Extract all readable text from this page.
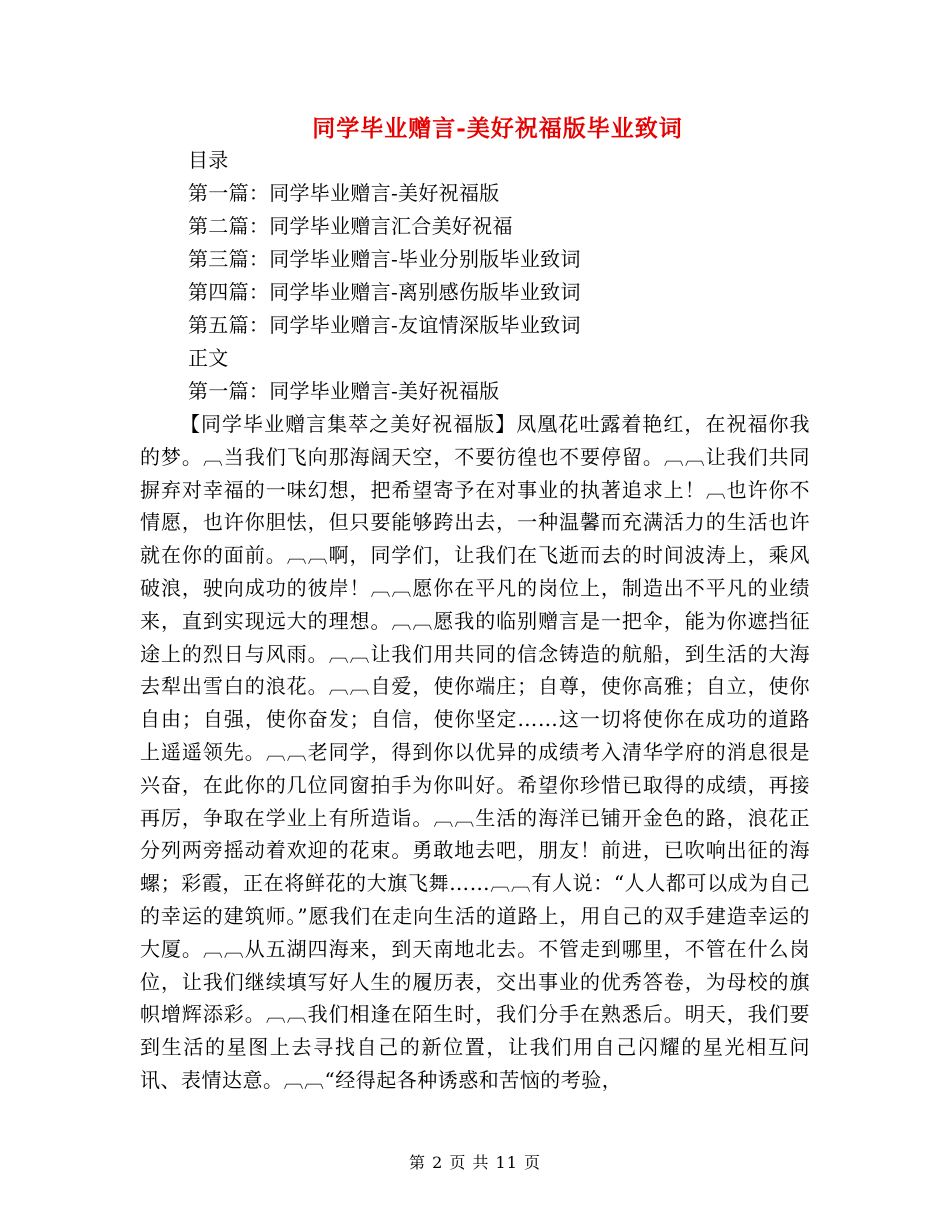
同学毕业赠言-美好祝福版毕业致词
目录
第一篇：同学毕业赠言-美好祝福版
第二篇：同学毕业赠言汇合美好祝福
第三篇：同学毕业赠言-毕业分别版毕业致词
第四篇：同学毕业赠言-离别感伤版毕业致词
第五篇：同学毕业赠言-友谊情深版毕业致词
正文
第一篇：同学毕业赠言-美好祝福版

【同学毕业赠言集萃之美好祝福版】凤凰花吐露着艳红，在祝福你我的梦。︹当我们飞向那海阔天空，不要彷徨也不要停留。︹︹让我们共同摒弃对幸福的一味幻想，把希望寄予在对事业的执著追求上！︹也许你不情愿，也许你胆怯，但只要能够跨出去，一种温馨而充满活力的生活也许就在你的面前。︹︹啊，同学们，让我们在飞逝而去的时间波涛上，乘风破浪，驶向成功的彼岸！︹︹愿你在平凡的岗位上，制造出不平凡的业绩来，直到实现远大的理想。︹︹愿我的临别赠言是一把伞，能为你遮挡征途上的烈日与风雨。︹︹让我们用共同的信念铸造的航船，到生活的大海去犁出雪白的浪花。︹︹自爱，使你端庄；自尊，使你高雅；自立，使你自由；自强，使你奋发；自信，使你坚定……这一切将使你在成功的道路上遥遥领先。︹︹老同学，得到你以优异的成绩考入清华学府的消息很是兴奋，在此你的几位同窗拍手为你叫好。希望你珍惜已取得的成绩，再接再厉，争取在学业上有所造诣。︹︹生活的海洋已铺开金色的路，浪花正分列两旁摇动着欢迎的花束。勇敢地去吧，朋友！前进，已吹响出征的海螺；彩霞，正在将鲜花的大旗飞舞……︹︹有人说：“人人都可以成为自己的幸运的建筑师。”愿我们在走向生活的道路上，用自己的双手建造幸运的大厦。︹︹从五湖四海来，到天南地北去。不管走到哪里，不管在什么岗位，让我们继续填写好人生的履历表，交出事业的优秀答卷，为母校的旗帜增辉添彩。︹︹我们相逢在陌生时，我们分手在熟悉后。明天，我们要到生活的星图上去寻找自己的新位置，让我们用自己闪耀的星光相互问讯、表情达意。︹︹“经得起各种诱惑和苦恼的考验，

第 2 页 共 11 页
